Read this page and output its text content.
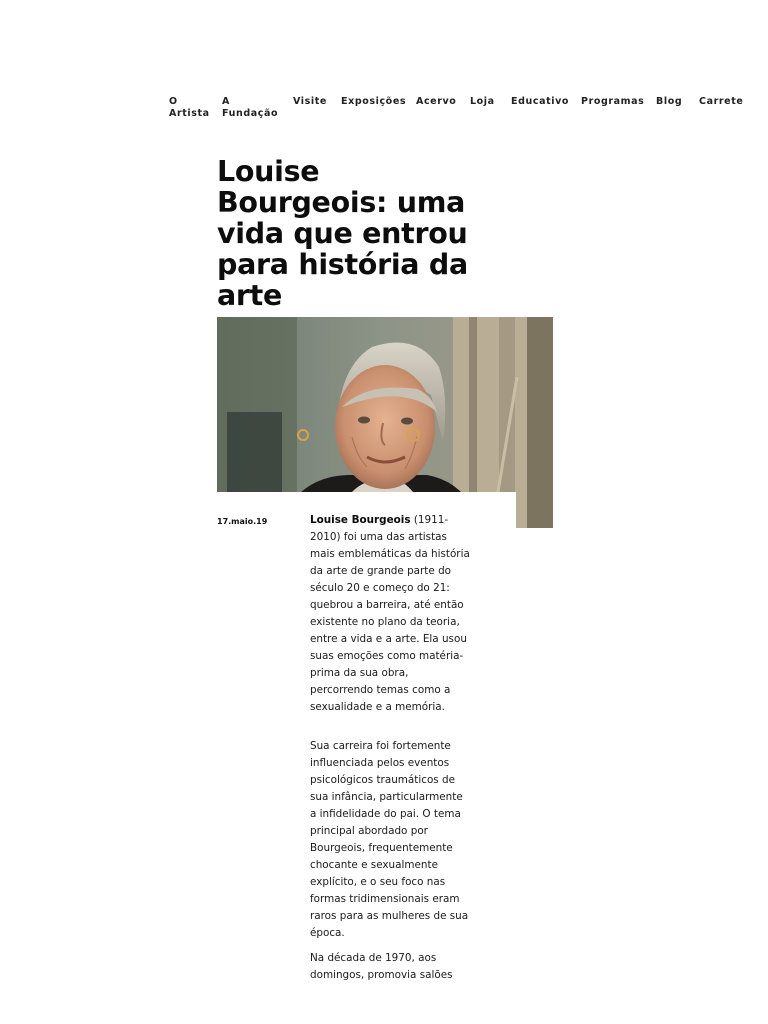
O
Artista
A
Fundação
Visite Exposições Acervo Loja Educativo Programas Blog Carrete
Louise Bourgeois: uma vida que entrou para história da arte
17.maio.19	Louise Bourgeois (1911-2010) foi uma das artistas mais emblemáticas da história da arte de grande parte do século 20 e começo do 21: quebrou a barreira, até então existente no plano da teoria, entre a vida e a arte. Ela usou suas emoções como matéria-prima da sua obra, percorrendo temas como a sexualidade e a memória.

Sua carreira foi fortemente influenciada pelos eventos psicológicos traumáticos de sua infância, particularmente a infidelidade do pai. O tema principal abordado por Bourgeois, frequentemente chocante e sexualmente explícito, e o seu foco nas formas tridimensionais eram raros para as mulheres de sua época.

Na década de 1970, aos domingos, promovia salões
